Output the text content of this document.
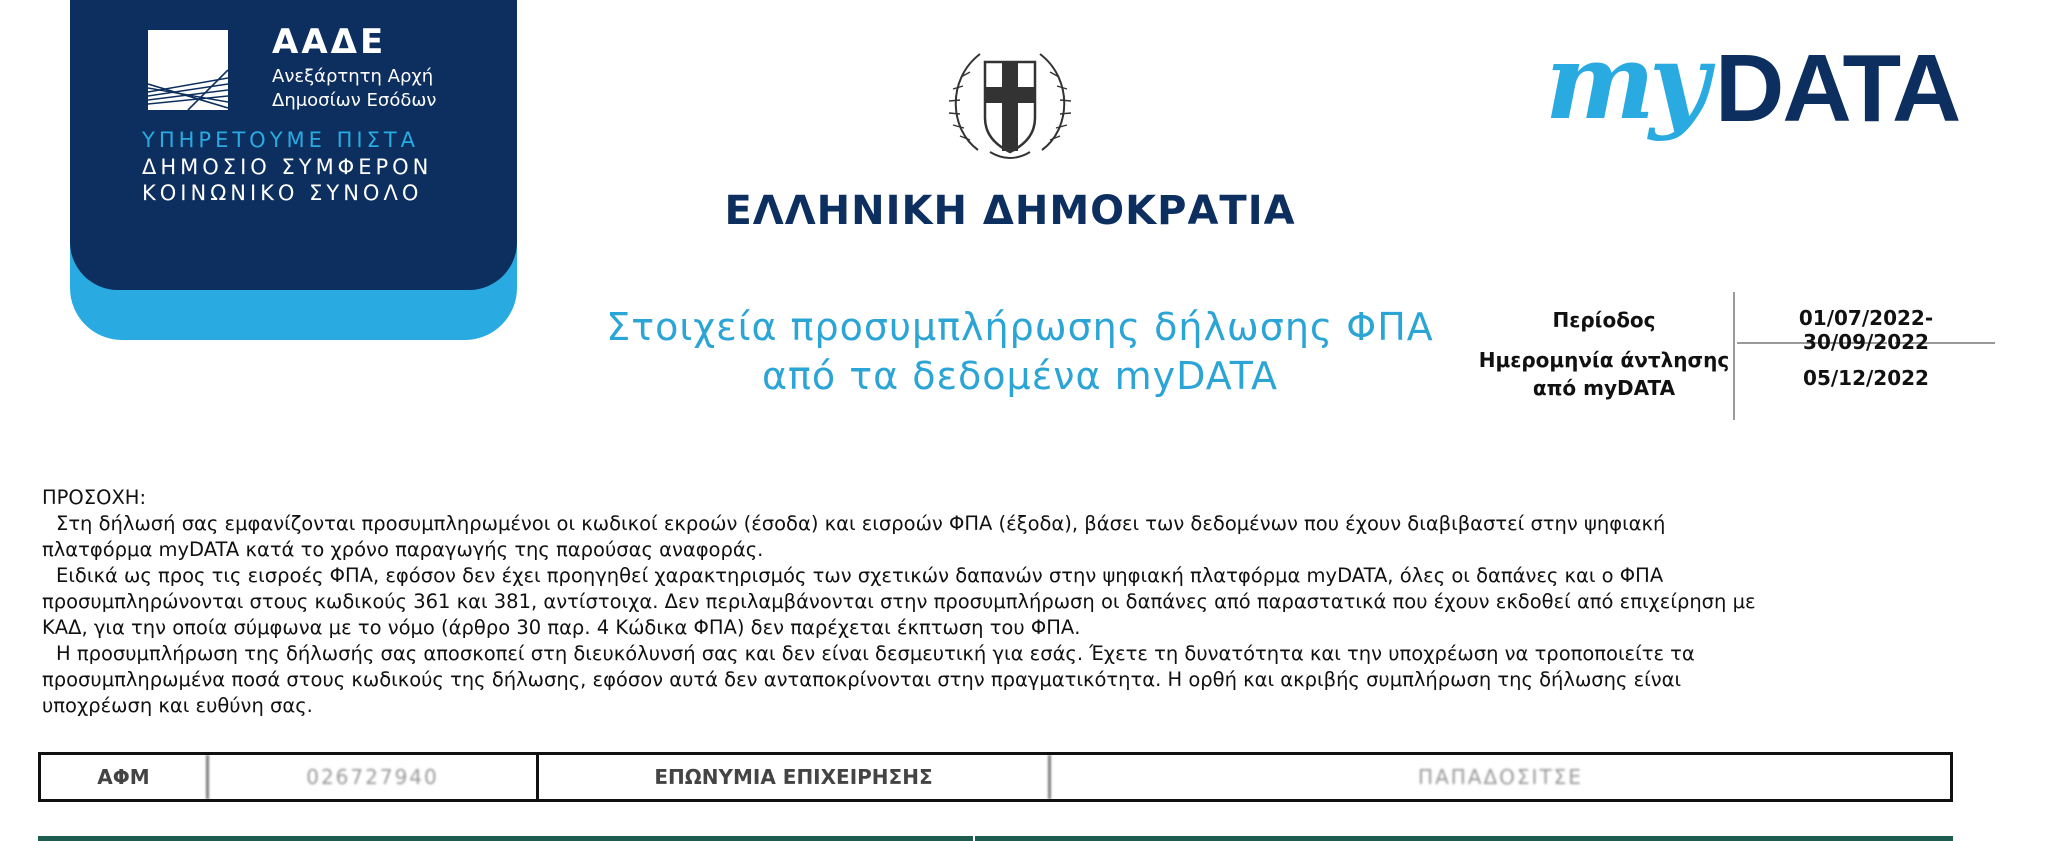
ΑΑΔΕ
Ανεξάρτητη Αρχή
Δημοσίων Εσόδων
ΥΠΗΡΕΤΟΥΜΕ ΠΙΣΤΑ
ΔΗΜΟΣΙΟ ΣΥΜΦΕΡΟΝ
ΚΟΙΝΩΝΙΚΟ ΣΥΝΟΛΟ	ΕΛΛΗΝΙΚΗ ΔΗΜΟΚΡΑΤΙΑ
my DATA
Στοιχεία προσυμπλήρωσης δήλωσης ΦΠΑ
από τα δεδομένα myDATA
Περίοδος	01/07/2022-30/09/2022
Ημερομηνία άντλησης
από myDATA	05/12/2022

ΠΡΟΣΟΧΗ:

Στη δήλωσή σας εμφανίζονται προσυμπληρωμένοι οι κωδικοί εκροών (έσοδα) και εισροών ΦΠΑ (έξοδα), βάσει των δεδομένων που έχουν διαβιβαστεί στην ψηφιακή

πλατφόρμα myDATA κατά το χρόνο παραγωγής της παρούσας αναφοράς.

Ειδικά ως προς τις εισροές ΦΠΑ, εφόσον δεν έχει προηγηθεί χαρακτηρισμός των σχετικών δαπανών στην ψηφιακή πλατφόρμα myDATA, όλες οι δαπάνες και ο ΦΠΑ

προσυμπληρώνονται στους κωδικούς 361 και 381, αντίστοιχα. Δεν περιλαμβάνονται στην προσυμπλήρωση οι δαπάνες από παραστατικά που έχουν εκδοθεί από επιχείρηση με

ΚΑΔ, για την οποία σύμφωνα με το νόμο (άρθρο 30 παρ. 4 Κώδικα ΦΠΑ) δεν παρέχεται έκπτωση του ΦΠΑ.

Η προσυμπλήρωση της δήλωσής σας αποσκοπεί στη διευκόλυνσή σας και δεν είναι δεσμευτική για εσάς. Έχετε τη δυνατότητα και την υποχρέωση να τροποποιείτε τα

προσυμπληρωμένα ποσά στους κωδικούς της δήλωσης, εφόσον αυτά δεν ανταποκρίνονται στην πραγματικότητα. Η ορθή και ακριβής συμπλήρωση της δήλωσης είναι

υποχρέωση και ευθύνη σας.

ΑΦΜ	026727940	ΕΠΩΝΥΜΙΑ ΕΠΙΧΕΙΡΗΣΗΣ	ΠΑΠΑΔΟΣΙΤΣΕ
